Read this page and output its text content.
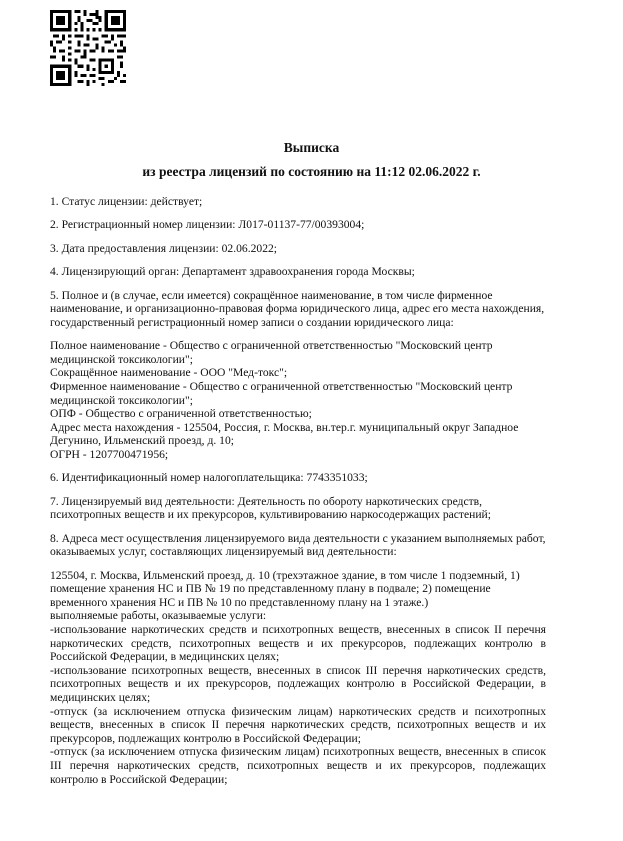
Выписка
из реестра лицензий по состоянию на 11:12 02.06.2022 г.

1. Статус лицензии: действует;

2. Регистрационный номер лицензии: Л017-01137-77/00393004;

3. Дата предоставления лицензии: 02.06.2022;

4. Лицензирующий орган: Департамент здравоохранения города Москвы;

5. Полное и (в случае, если имеется) сокращённое наименование, в том числе фирменное наименование, и организационно-правовая форма юридического лица, адрес его места нахождения, государственный регистрационный номер записи о создании юридического лица:

Полное наименование - Общество с ограниченной ответственностью "Московский центр медицинской токсикологии";
Сокращённое наименование - ООО "Мед-токс";
Фирменное наименование - Общество с ограниченной ответственностью "Московский центр медицинской токсикологии";
ОПФ - Общество с ограниченной ответственностью;
Адрес места нахождения - 125504, Россия, г. Москва, вн.тер.г. муниципальный округ Западное Дегунино, Ильменский проезд, д. 10;
ОГРН - 1207700471956;

6. Идентификационный номер налогоплательщика: 7743351033;

7. Лицензируемый вид деятельности: Деятельность по обороту наркотических средств, психотропных веществ и их прекурсоров, культивированию наркосодержащих растений;

8. Адреса мест осуществления лицензируемого вида деятельности с указанием выполняемых работ, оказываемых услуг, составляющих лицензируемый вид деятельности:

125504, г. Москва, Ильменский проезд, д. 10 (трехэтажное здание, в том числе 1 подземный, 1) помещение хранения НС и ПВ № 19 по представленному плану в подвале; 2) помещение временного хранения НС и ПВ № 10 по представленному плану на 1 этаже.)
выполняемые работы, оказываемые услуги:
-использование наркотических средств и психотропных веществ, внесенных в список II перечня наркотических средств, психотропных веществ и их прекурсоров, подлежащих контролю в Российской Федерации, в медицинских целях;
-использование психотропных веществ, внесенных в список III перечня наркотических средств, психотропных веществ и их прекурсоров, подлежащих контролю в Российской Федерации, в медицинских целях;
-отпуск (за исключением отпуска физическим лицам) наркотических средств и психотропных веществ, внесенных в список II перечня наркотических средств, психотропных веществ и их прекурсоров, подлежащих контролю в Российской Федерации;
-отпуск (за исключением отпуска физическим лицам) психотропных веществ, внесенных в список III перечня наркотических средств, психотропных веществ и их прекурсоров, подлежащих контролю в Российской Федерации;
